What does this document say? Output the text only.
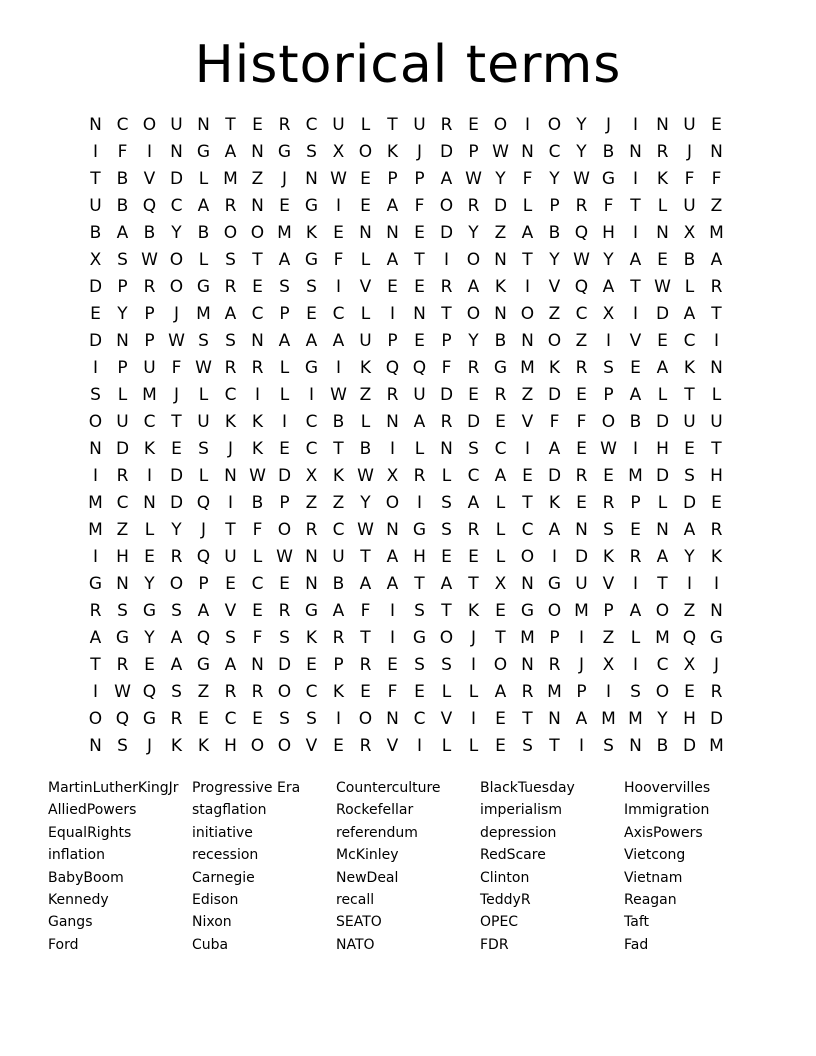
Historical terms
N C O U N T E R C U L	T U R E O	I	O Y	J	I	N U E
I	F	I	N G A N G S X O K	J	D P W N C Y B N R	J	N
T B V D L M Z	J	N W E P P A W Y F Y W G	I	K F	F
U B Q C A R N E G	I	E A F O R D L	P R F T	L U Z
B A B Y B O O M K E N N E D Y Z A B Q H	I	N X M
X S W O L S T A G F	L A T	I	O N T Y W Y A E B A
D P R O G R E S S	I	V E E R A K	I	V Q A T W L R
E Y P	J	M A C P E C L	I	N T O N O Z C X	I	D A T
D N P W S S N A A A U P E P Y B N O Z	I	V E C	I
I	P U F W R R L G	I	K Q Q F R G M K R S E A K N
S L M	J	L C	I	L	I W Z R U D E R Z D E P A L	T	L
O U C T U K K	I	C B L N A R D E V F	F O B D U U
N D K E S	J	K E C T B	I	L N S C	I	A E W I	H E T
I	R	I	D L N W D X K W X R L C A E D R E M D S H
M C N D Q	I	B P Z Z Y O	I	S A L	T K E R P	L D E
M Z L	Y	J	T F O R C W N G S R L C A N S E N A R
I	H E R Q U L W N U T A H E E L O	I	D K R A Y K
G N Y O P E C E N B A A T A T X N G U V	I	T	I	I
R S G S A V E R G A F	I	S T K E G O M P A O Z N
A G Y A Q S F S K R T	I	G O	J	T M P	I	Z L M Q G
T R E A G A N D E P R E S S	I	O N R	J	X	I	C X	J
I W Q S Z R R O C K E F E L	L A R M P	I	S O E R
O Q G R E C E S S	I	O N C V	I	E T N A M M Y H D
N S	J	K K H O O V E R V	I	L	L E S T	I	S N B D M
MartinLutherKingJr Progressive Era	Counterculture	BlackTuesday	Hoovervilles
AlliedPowers	stagflation	Rockefellar	imperialism	Immigration
EqualRights	initiative	referendum	depression	AxisPowers
inflation	recession	McKinley	RedScare	Vietcong
BabyBoom	Carnegie	NewDeal	Clinton	Vietnam
Kennedy	Edison	recall	TeddyR	Reagan
Gangs	Nixon	SEATO	OPEC	Taft
Ford	Cuba	NATO	FDR	Fad
